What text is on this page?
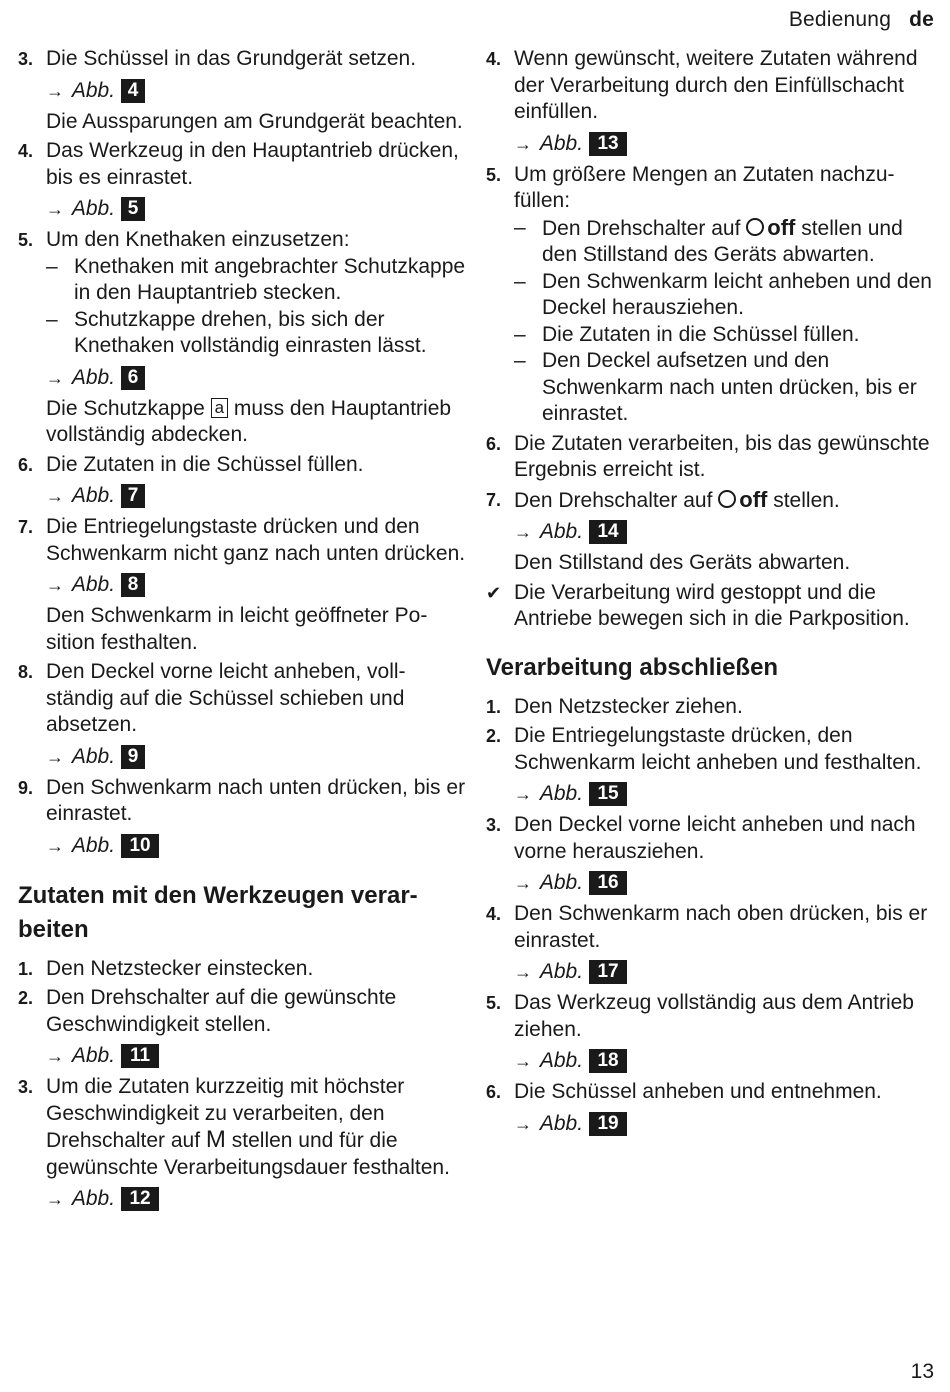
Bedienung de
3. Die Schüssel in das Grundgerät setzen.

→ Abb. 4

Die Aussparungen am Grundgerät beachten.

4. Das Werkzeug in den Hauptantrieb drücken, bis es einrastet.

→ Abb. 5
5. Um den Knethaken einzusetzen:

– Knethaken mit angebrachter Schutzkappe in den Hauptantrieb stecken.
– Schutzkappe drehen, bis sich der Knethaken vollständig einrasten lässt.
→ Abb. 6

Die Schutzkappe a muss den Hauptantrieb vollständig abdecken.

6. Die Zutaten in die Schüssel füllen.

→ Abb. 7
7. Die Entriegelungstaste drücken und den Schwenkarm nicht ganz nach unten drücken.

→ Abb. 8

Den Schwenkarm in leicht geöffneter Position festhalten.

8. Den Deckel vorne leicht anheben, vollständig auf die Schüssel schieben und absetzen.

→ Abb. 9
9. Den Schwenkarm nach unten drücken, bis er einrastet.

→ Abb. 10
Zutaten mit den Werkzeugen verarbeiten
1. Den Netzstecker einstecken.

2. Den Drehschalter auf die gewünschte Geschwindigkeit stellen.

→ Abb. 11
3. Um die Zutaten kurzzeitig mit höchster Geschwindigkeit zu verarbeiten, den Drehschalter auf M stellen und für die gewünschte Verarbeitungsdauer festhalten.

→ Abb. 12
4. Wenn gewünscht, weitere Zutaten während der Verarbeitung durch den Einfüllschacht einfüllen.

→ Abb. 13
5. Um größere Mengen an Zutaten nachzufüllen:

– Den Drehschalter auf off stellen und den Stillstand des Geräts abwarten.
– Den Schwenkarm leicht anheben und den Deckel herausziehen.
– Die Zutaten in die Schüssel füllen.
– Den Deckel aufsetzen und den Schwenkarm nach unten drücken, bis er einrastet.
6. Die Zutaten verarbeiten, bis das gewünschte Ergebnis erreicht ist.

7. Den Drehschalter auf off stellen.

→ Abb. 14

Den Stillstand des Geräts abwarten.

✔ Die Verarbeitung wird gestoppt und die Antriebe bewegen sich in die Parkposition.
Verarbeitung abschließen
1. Den Netzstecker ziehen.

2. Die Entriegelungstaste drücken, den Schwenkarm leicht anheben und festhalten.

→ Abb. 15
3. Den Deckel vorne leicht anheben und nach vorne herausziehen.

→ Abb. 16
4. Den Schwenkarm nach oben drücken, bis er einrastet.

→ Abb. 17
5. Das Werkzeug vollständig aus dem Antrieb ziehen.

→ Abb. 18
6. Die Schüssel anheben und entnehmen.

→ Abb. 19
13
